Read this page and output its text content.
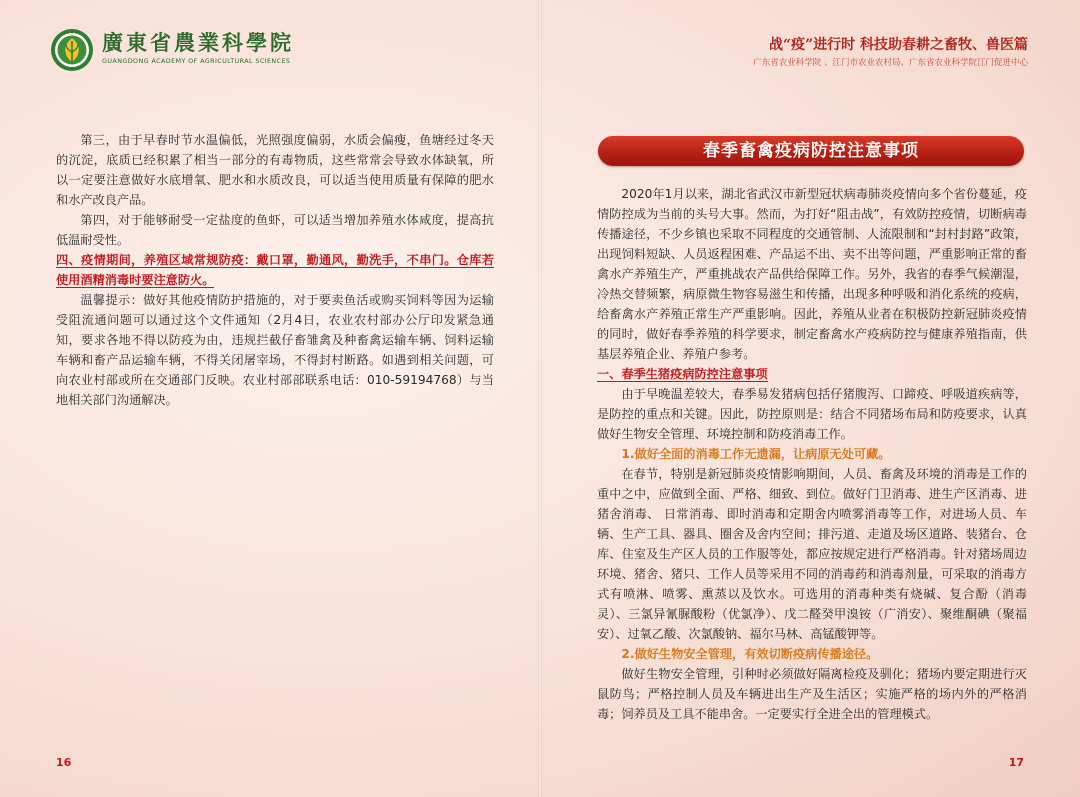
廣東省農業科學院
GUANGDONG ACADEMY OF AGRICULTURAL SCIENCES
战“疫”进行时 科技助春耕之畜牧、兽医篇
广东省农业科学院 、江门市农业农村局、广东省农业科学院江门促进中心

第三，由于早春时节水温偏低，光照强度偏弱，水质会偏瘦，鱼塘经过冬天的沉淀，底质已经积累了相当一部分的有毒物质，这些常常会导致水体缺氧，所以一定要注意做好水底增氧、肥水和水质改良，可以适当使用质量有保障的肥水和水产改良产品。

第四，对于能够耐受一定盐度的鱼虾，可以适当增加养殖水体咸度，提高抗低温耐受性。

四、疫情期间，养殖区域常规防疫：戴口罩，勤通风，勤洗手，不串门。仓库若使用酒精消毒时要注意防火。

温馨提示：做好其他疫情防护措施的，对于要卖鱼活或购买饲料等因为运输受阻流通问题可以通过这个文件通知（2月4日，农业农村部办公厅印发紧急通知，要求各地不得以防疫为由，违规拦截仔畜雏禽及种畜禽运输车辆、饲料运输车辆和畜产品运输车辆，不得关闭屠宰场，不得封村断路。如遇到相关问题，可向农业村部或所在交通部门反映。农业村部部联系电话：010-59194768）与当地相关部门沟通解决。

春季畜禽疫病防控注意事项

2020年1月以来，湖北省武汉市新型冠状病毒肺炎疫情向多个省份蔓延，疫情防控成为当前的头号大事。然而，为打好“阻击战”，有效防控疫情，切断病毒传播途径，不少乡镇也采取不同程度的交通管制、人流限制和“封村封路”政策，出现饲料短缺、人员返程困难、产品运不出、卖不出等问题，严重影响正常的畜禽水产养殖生产，严重挑战农产品供给保障工作。另外，我省的春季气候潮湿，冷热交替频繁，病原微生物容易滋生和传播，出现多种呼吸和消化系统的疫病，给畜禽水产养殖正常生产严重影响。因此，养殖从业者在积极防控新冠肺炎疫情的同时，做好春季养殖的科学要求，制定畜禽水产疫病防控与健康养殖指南，供基层养殖企业、养殖户参考。

一、春季生猪疫病防控注意事项

由于早晚温差较大，春季易发猪病包括仔猪腹泻、口蹄疫、呼吸道疾病等，是防控的重点和关键。因此，防控原则是：结合不同猪场布局和防疫要求，认真做好生物安全管理、环境控制和防疫消毒工作。

1.做好全面的消毒工作无遗漏，让病原无处可藏。

在春节，特别是新冠肺炎疫情影响期间，人员、畜禽及环境的消毒是工作的重中之中，应做到全面、严格、细致、到位。做好门卫消毒、进生产区消毒、进猪舍消毒、 日常消毒、即时消毒和定期舍内喷雾消毒等工作，对进场人员、车辆、生产工具、器具、圈舍及舍内空间；排污道、走道及场区道路、装猪台、仓库、住室及生产区人员的工作服等处，都应按规定进行严格消毒。针对猪场周边环境、猪舍、猪只、工作人员等采用不同的消毒药和消毒剂量，可采取的消毒方式有喷淋、喷雾、熏蒸以及饮水。可选用的消毒种类有烧碱、复合酚（消毒灵）、三氯异氰脲酸粉（优氯净）、戊二醛癸甲溴铵（广消安）、聚维酮碘（聚福安）、过氧乙酸、次氯酸钠、福尔马林、高锰酸钾等。

2.做好生物安全管理，有效切断疫病传播途径。

做好生物安全管理，引种时必须做好隔离检疫及驯化；猪场内要定期进行灭鼠防鸟；严格控制人员及车辆进出生产及生活区；实施严格的场内外的严格消毒；饲养员及工具不能串舍。一定要实行全进全出的管理模式。

16	17
